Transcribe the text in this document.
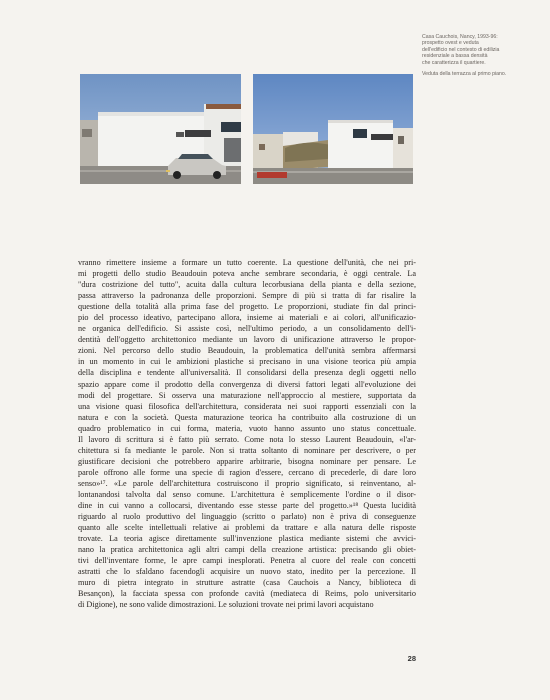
Casa Cauchois, Nancy, 1993-96:
prospetto ovest e veduta
dell'edificio nel contesto di edilizia
residenziale a bassa densità
che caratterizza il quartiere.

Veduta della terrazza al primo piano.

vranno rimettere insieme a formare un tutto coerente. La questione dell'unità, che nei pri-
mi progetti dello studio Beaudouin poteva anche sembrare secondaria, è oggi centrale. La
"dura costrizione del tutto", acuita dalla cultura lecorbusiana della pianta e della sezione,
passa attraverso la padronanza delle proporzioni. Sempre di più si tratta di far risalire la
questione della totalità alla prima fase del progetto. Le proporzioni, studiate fin dal princi-
pio del processo ideativo, partecipano allora, insieme ai materiali e ai colori, all'unificazio-
ne organica dell'edificio. Si assiste così, nell'ultimo periodo, a un consolidamento dell'i-
dentità dell'oggetto architettonico mediante un lavoro di unificazione attraverso le propor-
zioni. Nel percorso dello studio Beaudouin, la problematica dell'unità sembra affermarsi
in un momento in cui le ambizioni plastiche si precisano in una visione teorica più ampia
della disciplina e tendente all'universalità. Il consolidarsi della presenza degli oggetti nello
spazio appare come il prodotto della convergenza di diversi fattori legati all'evoluzione dei
modi del progettare. Si osserva una maturazione nell'approccio al mestiere, supportata da
una visione quasi filosofica dell'architettura, considerata nei suoi rapporti essenziali con la
natura e con la società. Questa maturazione teorica ha contribuito alla costruzione di un
quadro problematico in cui forma, materia, vuoto hanno assunto uno status concettuale.
Il lavoro di scrittura si è fatto più serrato. Come nota lo stesso Laurent Beaudouin, «l'ar-
chitettura si fa mediante le parole. Non si tratta soltanto di nominare per descrivere, o per
giustificare decisioni che potrebbero apparire arbitrarie, bisogna nominare per pensare. Le
parole offrono alle forme una specie di ragion d'essere, cercano di precederle, di dare loro
senso»¹⁷. «Le parole dell'architettura costruiscono il proprio significato, si reinventano, al-
lontanandosi talvolta dal senso comune. L'architettura è semplicemente l'ordine o il disor-
dine in cui vanno a collocarsi, diventando esse stesse parte del progetto.»¹⁸ Questa lucidità
riguardo al ruolo produttivo del linguaggio (scritto o parlato) non è priva di conseguenze
quanto alle scelte intellettuali relative ai problemi da trattare e alla natura delle risposte
trovate. La teoria agisce direttamente sull'invenzione plastica mediante sistemi che avvici-
nano la pratica architettonica agli altri campi della creazione artistica: precisando gli obiet-
tivi dell'inventare forme, le apre campi inesplorati. Penetra al cuore del reale con concetti
astratti che lo sfaldano facendogli acquisire un nuovo stato, inedito per la percezione. Il
muro di pietra integrato in strutture astratte (casa Cauchois a Nancy, biblioteca di
Besançon), la facciata spessa con profonde cavità (mediateca di Reims, polo universitario
di Digione), ne sono valide dimostrazioni. Le soluzioni trovate nei primi lavori acquistano
28
